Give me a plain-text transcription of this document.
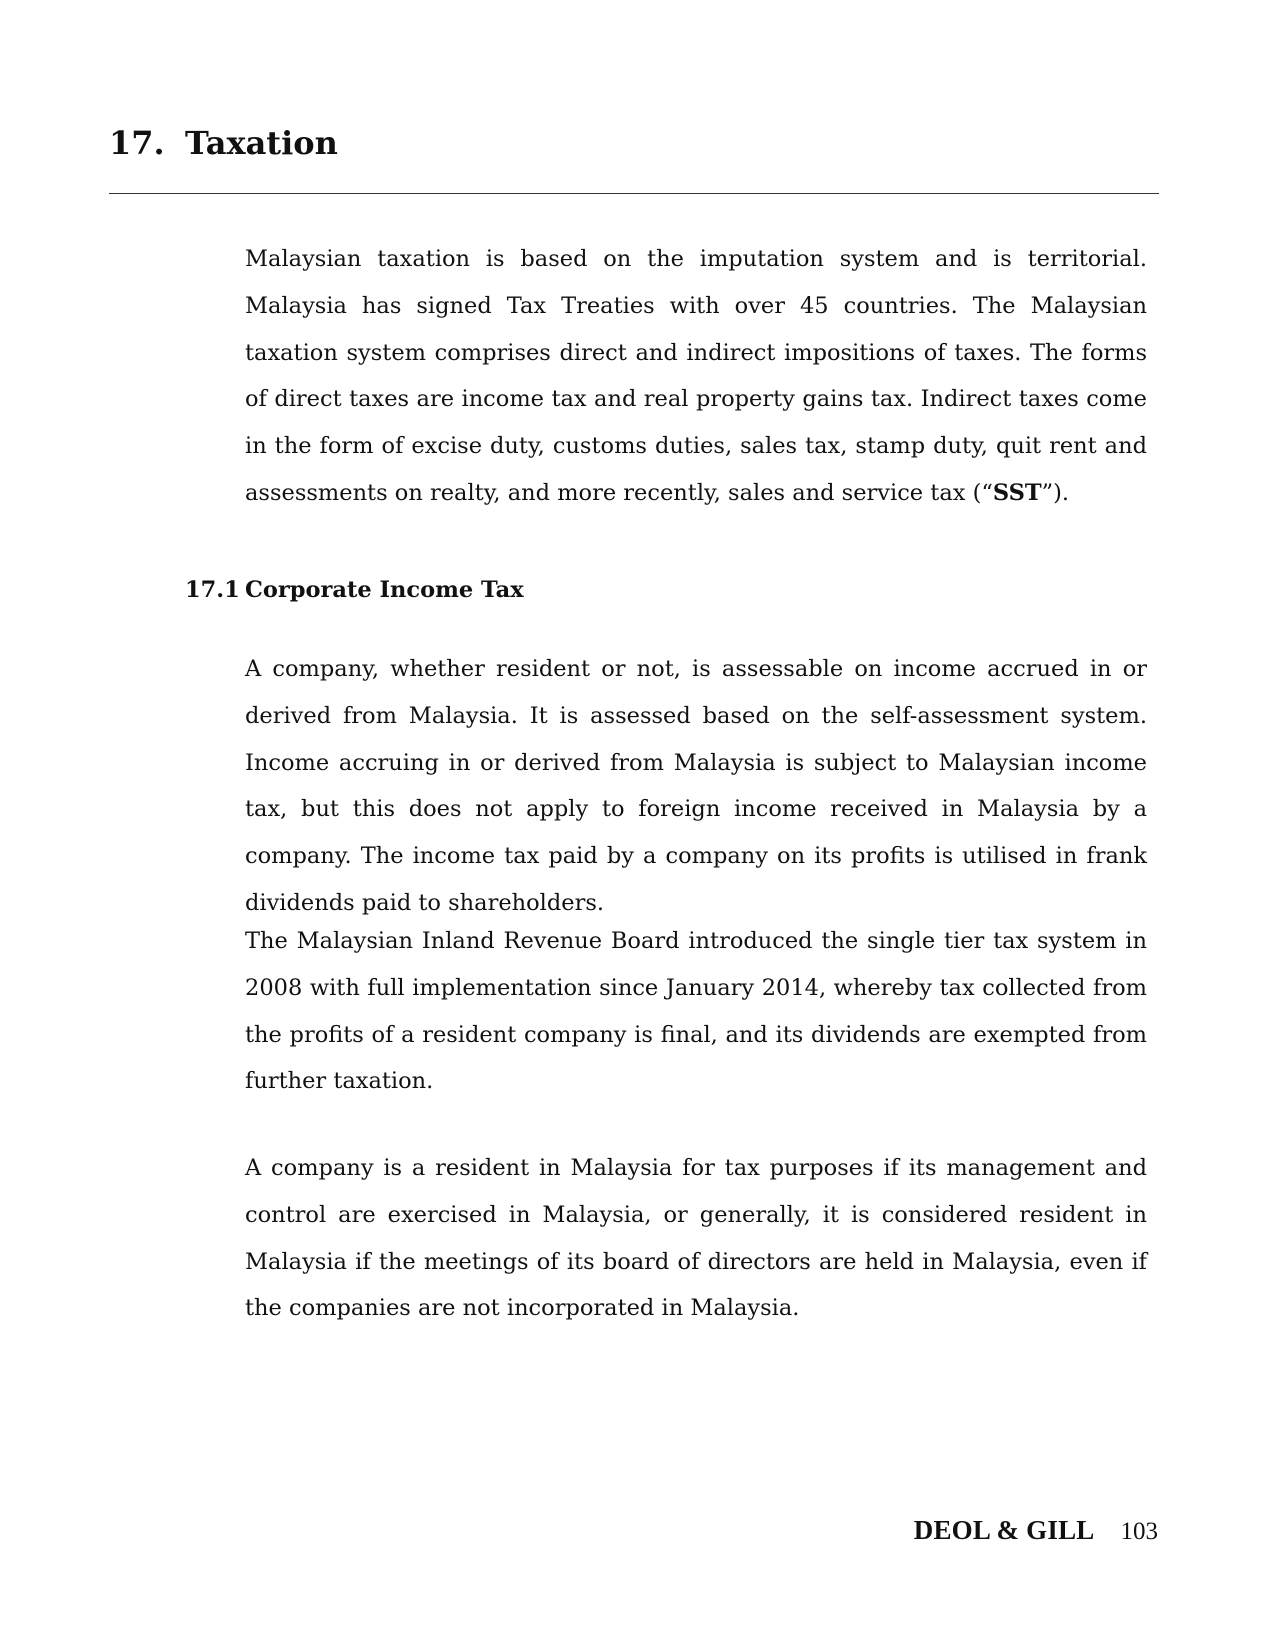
17. Taxation

Malaysian taxation is based on the imputation system and is territorial. Malaysia has signed Tax Treaties with over 45 countries. The Malaysian taxation system comprises direct and indirect impositions of taxes. The forms of direct taxes are income tax and real property gains tax. Indirect taxes come in the form of excise duty, customs duties, sales tax, stamp duty, quit rent and assessments on realty, and more recently, sales and service tax (“SST”).

17.1 Corporate Income Tax

A company, whether resident or not, is assessable on income accrued in or derived from Malaysia. It is assessed based on the self-assessment system. Income accruing in or derived from Malaysia is subject to Malaysian income tax, but this does not apply to foreign income received in Malaysia by a company. The income tax paid by a company on its profits is utilised in frank dividends paid to shareholders.

The Malaysian Inland Revenue Board introduced the single tier tax system in 2008 with full implementation since January 2014, whereby tax collected from the profits of a resident company is final, and its dividends are exempted from further taxation.

A company is a resident in Malaysia for tax purposes if its management and control are exercised in Malaysia, or generally, it is considered resident in Malaysia if the meetings of its board of directors are held in Malaysia, even if the companies are not incorporated in Malaysia.

DEOL & GILL 103
